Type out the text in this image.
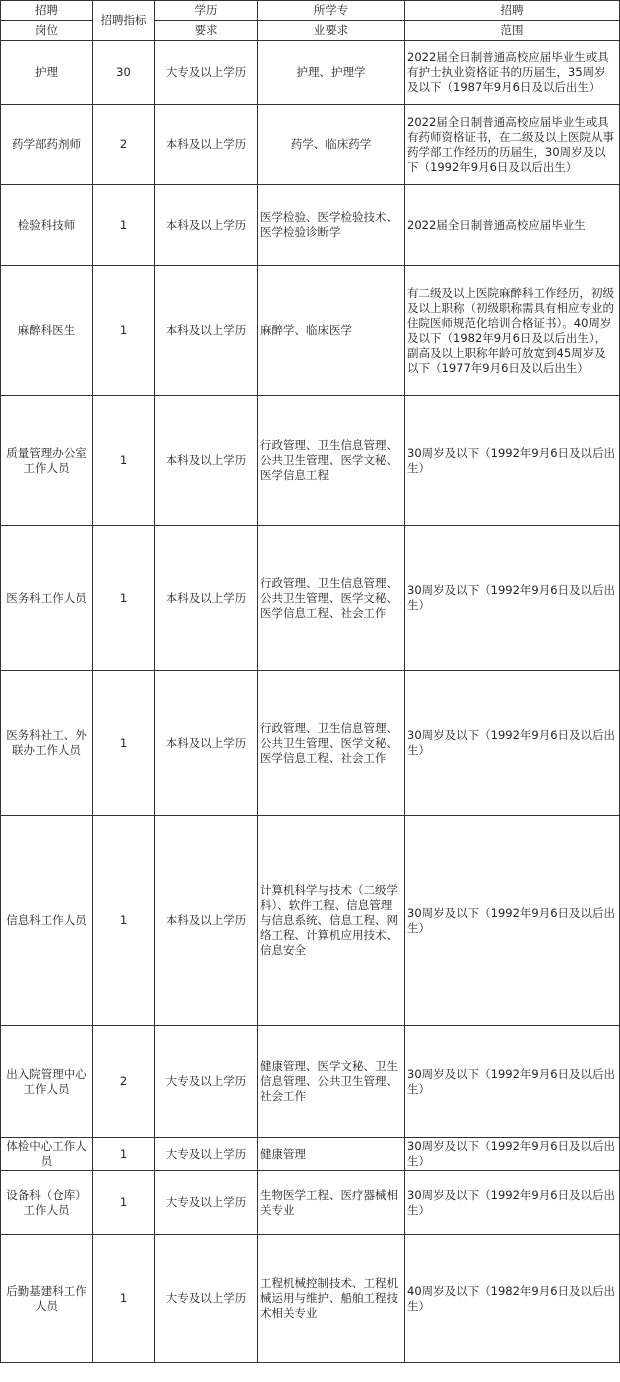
招聘	招聘指标	学历	所学专	招聘
岗位		要求	业要求	范围
护理	30	大专及以上学历	护理、护理学	2022届全日制普通高校应届毕业生或具有护士执业资格证书的历届生，35周岁及以下（1987年9月6日及以后出生）
药学部药剂师	2	本科及以上学历	药学、临床药学	2022届全日制普通高校应届毕业生或具有药师资格证书，在二级及以上医院从事药学部工作经历的历届生，30周岁及以下（1992年9月6日及以后出生）
检验科技师	1	本科及以上学历	医学检验、医学检验技术、医学检验诊断学	2022届全日制普通高校应届毕业生
麻醉科医生	1	本科及以上学历	麻醉学、临床医学	有二级及以上医院麻醉科工作经历，初级及以上职称（初级职称需具有相应专业的住院医师规范化培训合格证书）。40周岁及以下（1982年9月6日及以后出生），副高及以上职称年龄可放宽到45周岁及以下（1977年9月6日及以后出生）
质量管理办公室工作人员	1	本科及以上学历	行政管理、卫生信息管理、公共卫生管理、医学文秘、医学信息工程	30周岁及以下（1992年9月6日及以后出生）
医务科工作人员	1	本科及以上学历	行政管理、卫生信息管理、公共卫生管理、医学文秘、医学信息工程、社会工作	30周岁及以下（1992年9月6日及以后出生）
医务科社工、外联办工作人员	1	本科及以上学历	行政管理、卫生信息管理、公共卫生管理、医学文秘、医学信息工程、社会工作	30周岁及以下（1992年9月6日及以后出生）
信息科工作人员	1	本科及以上学历	计算机科学与技术（二级学科）、软件工程、信息管理与信息系统、信息工程、网络工程、计算机应用技术、信息安全	30周岁及以下（1992年9月6日及以后出生）
出入院管理中心工作人员	2	大专及以上学历	健康管理、医学文秘、卫生信息管理、公共卫生管理、社会工作	30周岁及以下（1992年9月6日及以后出生）
体检中心工作人员	1	大专及以上学历	健康管理	30周岁及以下（1992年9月6日及以后出生）
设备科（仓库）工作人员	1	大专及以上学历	生物医学工程、医疗器械相关专业	30周岁及以下（1992年9月6日及以后出生）
后勤基建科工作人员	1	大专及以上学历	工程机械控制技术、工程机械运用与维护、船舶工程技术相关专业	40周岁及以下（1982年9月6日及以后出生）
